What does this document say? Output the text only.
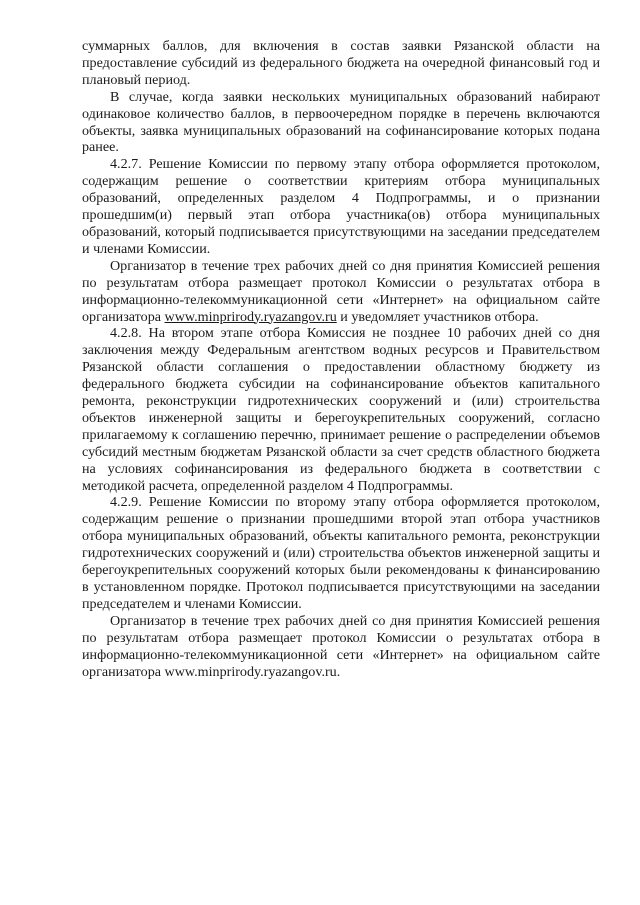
суммарных баллов, для включения в состав заявки Рязанской области на предоставление субсидий из федерального бюджета на очередной финансовый год и плановый период.

В случае, когда заявки нескольких муниципальных образований набирают одинаковое количество баллов, в первоочередном порядке в перечень включаются объекты, заявка муниципальных образований на софинансирование которых подана ранее.

4.2.7. Решение Комиссии по первому этапу отбора оформляется протоколом, содержащим решение о соответствии критериям отбора муниципальных образований, определенных разделом 4 Подпрограммы, и о признании прошедшим(и) первый этап отбора участника(ов) отбора муниципальных образований, который подписывается присутствующими на заседании председателем и членами Комиссии.

Организатор в течение трех рабочих дней со дня принятия Комиссией решения по результатам отбора размещает протокол Комиссии о результатах отбора в информационно-телекоммуникационной сети «Интернет» на официальном сайте организатора www.minprirody.ryazangov.ru и уведомляет участников отбора.

4.2.8. На втором этапе отбора Комиссия не позднее 10 рабочих дней со дня заключения между Федеральным агентством водных ресурсов и Правительством Рязанской области соглашения о предоставлении областному бюджету из федерального бюджета субсидии на софинансирование объектов капитального ремонта, реконструкции гидротехнических сооружений и (или) строительства объектов инженерной защиты и берегоукрепительных сооружений, согласно прилагаемому к соглашению перечню, принимает решение о распределении объемов субсидий местным бюджетам Рязанской области за счет средств областного бюджета на условиях софинансирования из федерального бюджета в соответствии с методикой расчета, определенной разделом 4 Подпрограммы.

4.2.9. Решение Комиссии по второму этапу отбора оформляется протоколом, содержащим решение о признании прошедшими второй этап отбора участников отбора муниципальных образований, объекты капитального ремонта, реконструкции гидротехнических сооружений и (или) строительства объектов инженерной защиты и берегоукрепительных сооружений которых были рекомендованы к финансированию в установленном порядке. Протокол подписывается присутствующими на заседании председателем и членами Комиссии.

Организатор в течение трех рабочих дней со дня принятия Комиссией решения по результатам отбора размещает протокол Комиссии о результатах отбора в информационно-телекоммуникационной сети «Интернет» на официальном сайте организатора www.minprirody.ryazangov.ru.
